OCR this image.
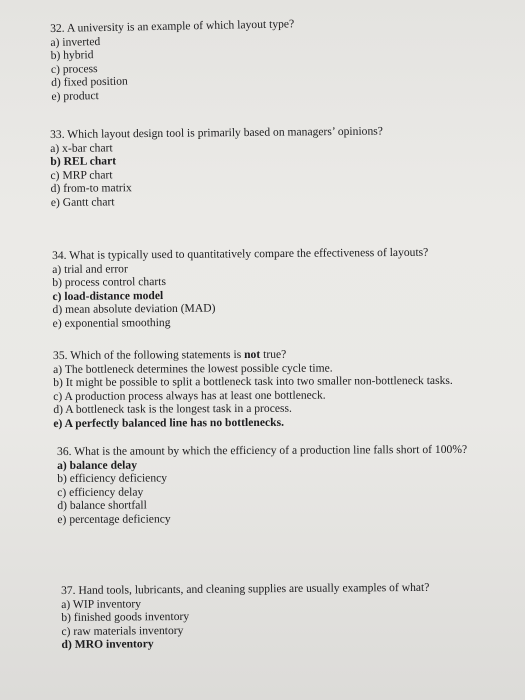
32. A university is an example of which layout type?
a) inverted
b) hybrid
c) process
d) fixed position
e) product
33. Which layout design tool is primarily based on managers’ opinions?
a) x-bar chart
b) REL chart
c) MRP chart
d) from-to matrix
e) Gantt chart
34. What is typically used to quantitatively compare the effectiveness of layouts?
a) trial and error
b) process control charts
c) load-distance model
d) mean absolute deviation (MAD)
e) exponential smoothing
35. Which of the following statements is not true?
a) The bottleneck determines the lowest possible cycle time.
b) It might be possible to split a bottleneck task into two smaller non-bottleneck tasks.
c) A production process always has at least one bottleneck.
d) A bottleneck task is the longest task in a process.
e) A perfectly balanced line has no bottlenecks.
36. What is the amount by which the efficiency of a production line falls short of 100%?
a) balance delay
b) efficiency deficiency
c) efficiency delay
d) balance shortfall
e) percentage deficiency
37. Hand tools, lubricants, and cleaning supplies are usually examples of what?
a) WIP inventory
b) finished goods inventory
c) raw materials inventory
d) MRO inventory
